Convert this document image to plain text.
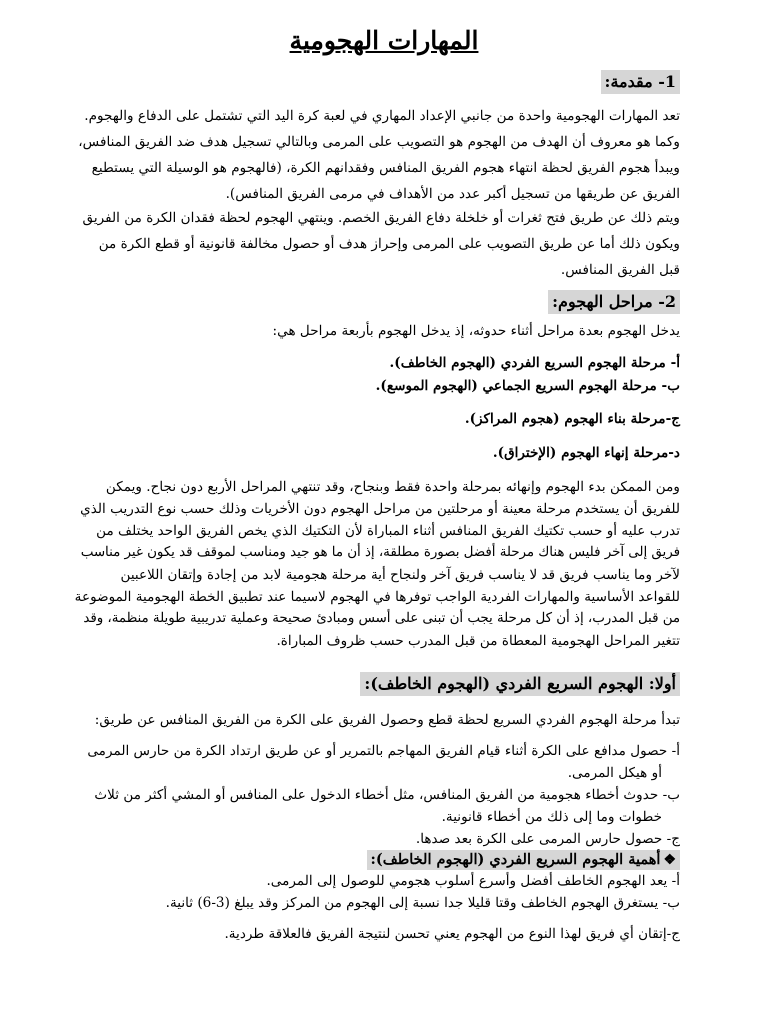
المهارات الهجومية
1- مقدمة:

تعد المهارات الهجومية واحدة من جانبي الإعداد المهاري في لعبة كرة اليد التي تشتمل على الدفاع والهجوم.

وكما هو معروف أن الهدف من الهجوم هو التصويب على المرمى وبالتالي تسجيل هدف ضد الفريق المنافس،

ويبدأ هجوم الفريق لحظة انتهاء هجوم الفريق المنافس وفقدانهم الكرة، (فالهجوم هو الوسيلة التي يستطيع

الفريق عن طريقها من تسجيل أكبر عدد من الأهداف في مرمى الفريق المنافس).

ويتم ذلك عن طريق فتح ثغرات أو خلخلة دفاع الفريق الخصم. وينتهي الهجوم لحظة فقدان الكرة من الفريق

ويكون ذلك أما عن طريق التصويب على المرمى وإحراز هدف أو حصول مخالفة قانونية أو قطع الكرة من

قبل الفريق المنافس.

2- مراحل الهجوم:

يدخل الهجوم بعدة مراحل أثناء حدوثه، إذ يدخل الهجوم بأربعة مراحل هي:

أ- مرحلة الهجوم السريع الفردي (الهجوم الخاطف).

ب- مرحلة الهجوم السريع الجماعي (الهجوم الموسع).

ج-مرحلة بناء الهجوم (هجوم المراكز).

د-مرحلة إنهاء الهجوم (الإختراق).

ومن الممكن بدء الهجوم وإنهائه بمرحلة واحدة فقط وبنجاح، وقد تنتهي المراحل الأربع دون نجاح. ويمكن

للفريق أن يستخدم مرحلة معينة أو مرحلتين من مراحل الهجوم دون الأخريات وذلك حسب نوع التدريب الذي

تدرب عليه أو حسب تكتيك الفريق المنافس أثناء المباراة لأن التكتيك الذي يخص الفريق الواحد يختلف من

فريق إلى آخر فليس هناك مرحلة أفضل بصورة مطلقة، إذ أن ما هو جيد ومناسب لموقف قد يكون غير مناسب

لآخر وما يناسب فريق قد لا يناسب فريق آخر ولنجاح أية مرحلة هجومية لابد من إجادة وإتقان اللاعبين

للقواعد الأساسية والمهارات الفردية الواجب توفرها في الهجوم لاسيما عند تطبيق الخطة الهجومية الموضوعة

من قبل المدرب، إذ أن كل مرحلة يجب أن تبنى على أسس ومبادئ صحيحة وعملية تدريبية طويلة منظمة، وقد

تتغير المراحل الهجومية المعطاة من قبل المدرب حسب ظروف المباراة.

أولا: الهجوم السريع الفردي (الهجوم الخاطف):

تبدأ مرحلة الهجوم الفردي السريع لحظة قطع وحصول الفريق على الكرة من الفريق المنافس عن طريق:

أ- حصول مدافع على الكرة أثناء قيام الفريق المهاجم بالتمرير أو عن طريق ارتداد الكرة من حارس المرمى

أو هيكل المرمى.

ب- حدوث أخطاء هجومية من الفريق المنافس، مثل أخطاء الدخول على المنافس أو المشي أكثر من ثلاث

خطوات وما إلى ذلك من أخطاء قانونية.

ج- حصول حارس المرمى على الكرة بعد صدها.

❖أهمية الهجوم السريع الفردي (الهجوم الخاطف):

أ- يعد الهجوم الخاطف أفضل وأسرع أسلوب هجومي للوصول إلى المرمى.

ب- يستغرق الهجوم الخاطف وقتا قليلا جدا نسبة إلى الهجوم من المركز وقد يبلغ (3-6) ثانية.

ج-إتقان أي فريق لهذا النوع من الهجوم يعني تحسن لنتيجة الفريق فالعلاقة طردية.
